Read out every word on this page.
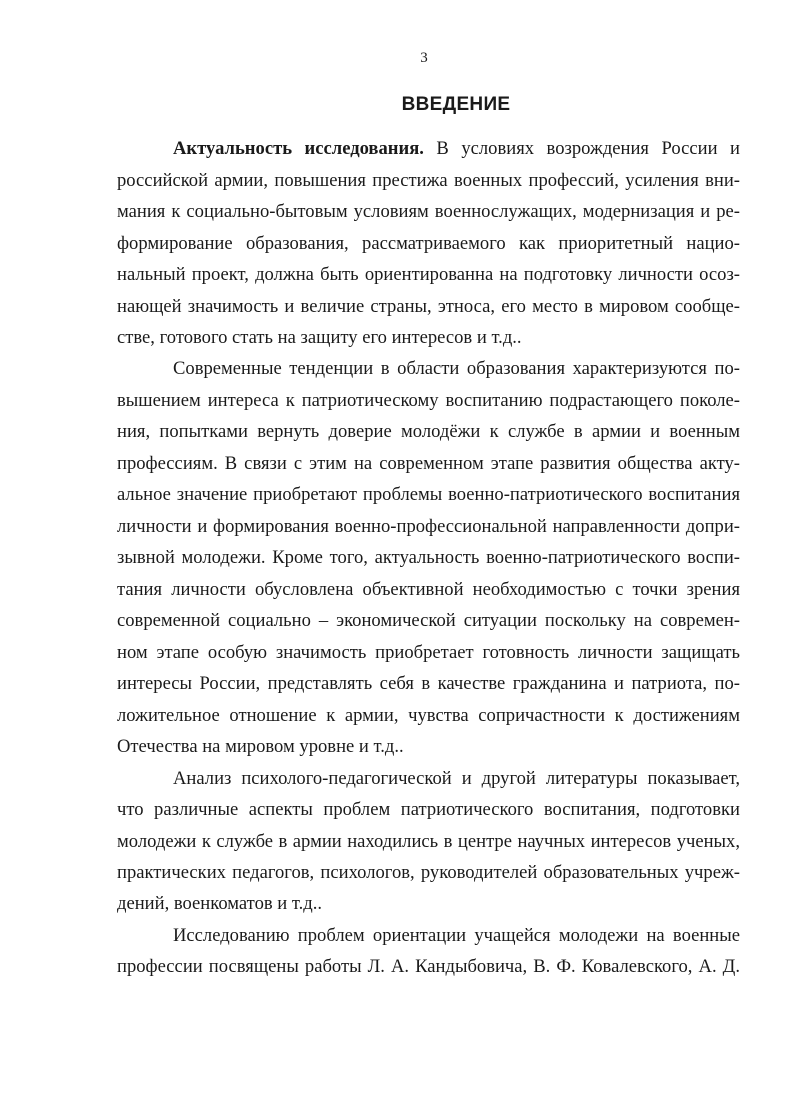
3
ВВЕДЕНИЕ
Актуальность исследования. В условиях возрождения России и
российской армии, повышения престижа военных профессий, усиления вни-
мания к социально-бытовым условиям военнослужащих, модернизация и ре-
формирование образования, рассматриваемого как приоритетный нацио-
нальный проект, должна быть ориентированна на подготовку личности осоз-
нающей значимость и величие страны, этноса, его место в мировом сообще-
стве, готового стать на защиту его интересов и т.д..
Современные тенденции в области образования характеризуются по-
вышением интереса к патриотическому воспитанию подрастающего поколе-
ния, попытками вернуть доверие молодёжи к службе в армии и военным
профессиям. В связи с этим на современном этапе развития общества акту-
альное значение приобретают проблемы военно-патриотического воспитания
личности и формирования военно-профессиональной направленности допри-
зывной молодежи. Кроме того, актуальность военно-патриотического воспи-
тания личности обусловлена объективной необходимостью с точки зрения
современной социально – экономической ситуации поскольку на современ-
ном этапе особую значимость приобретает готовность личности защищать
интересы России, представлять себя в качестве гражданина и патриота, по-
ложительное отношение к армии, чувства сопричастности к достижениям
Отечества на мировом уровне и т.д..
Анализ психолого-педагогической и другой литературы показывает,
что различные аспекты проблем патриотического воспитания, подготовки
молодежи к службе в армии находились в центре научных интересов ученых,
практических педагогов, психологов, руководителей образовательных учреж-
дений, военкоматов и т.д..
Исследованию проблем ориентации учащейся молодежи на военные
профессии посвящены работы Л. А. Кандыбовича, В. Ф. Ковалевского, А. Д.
